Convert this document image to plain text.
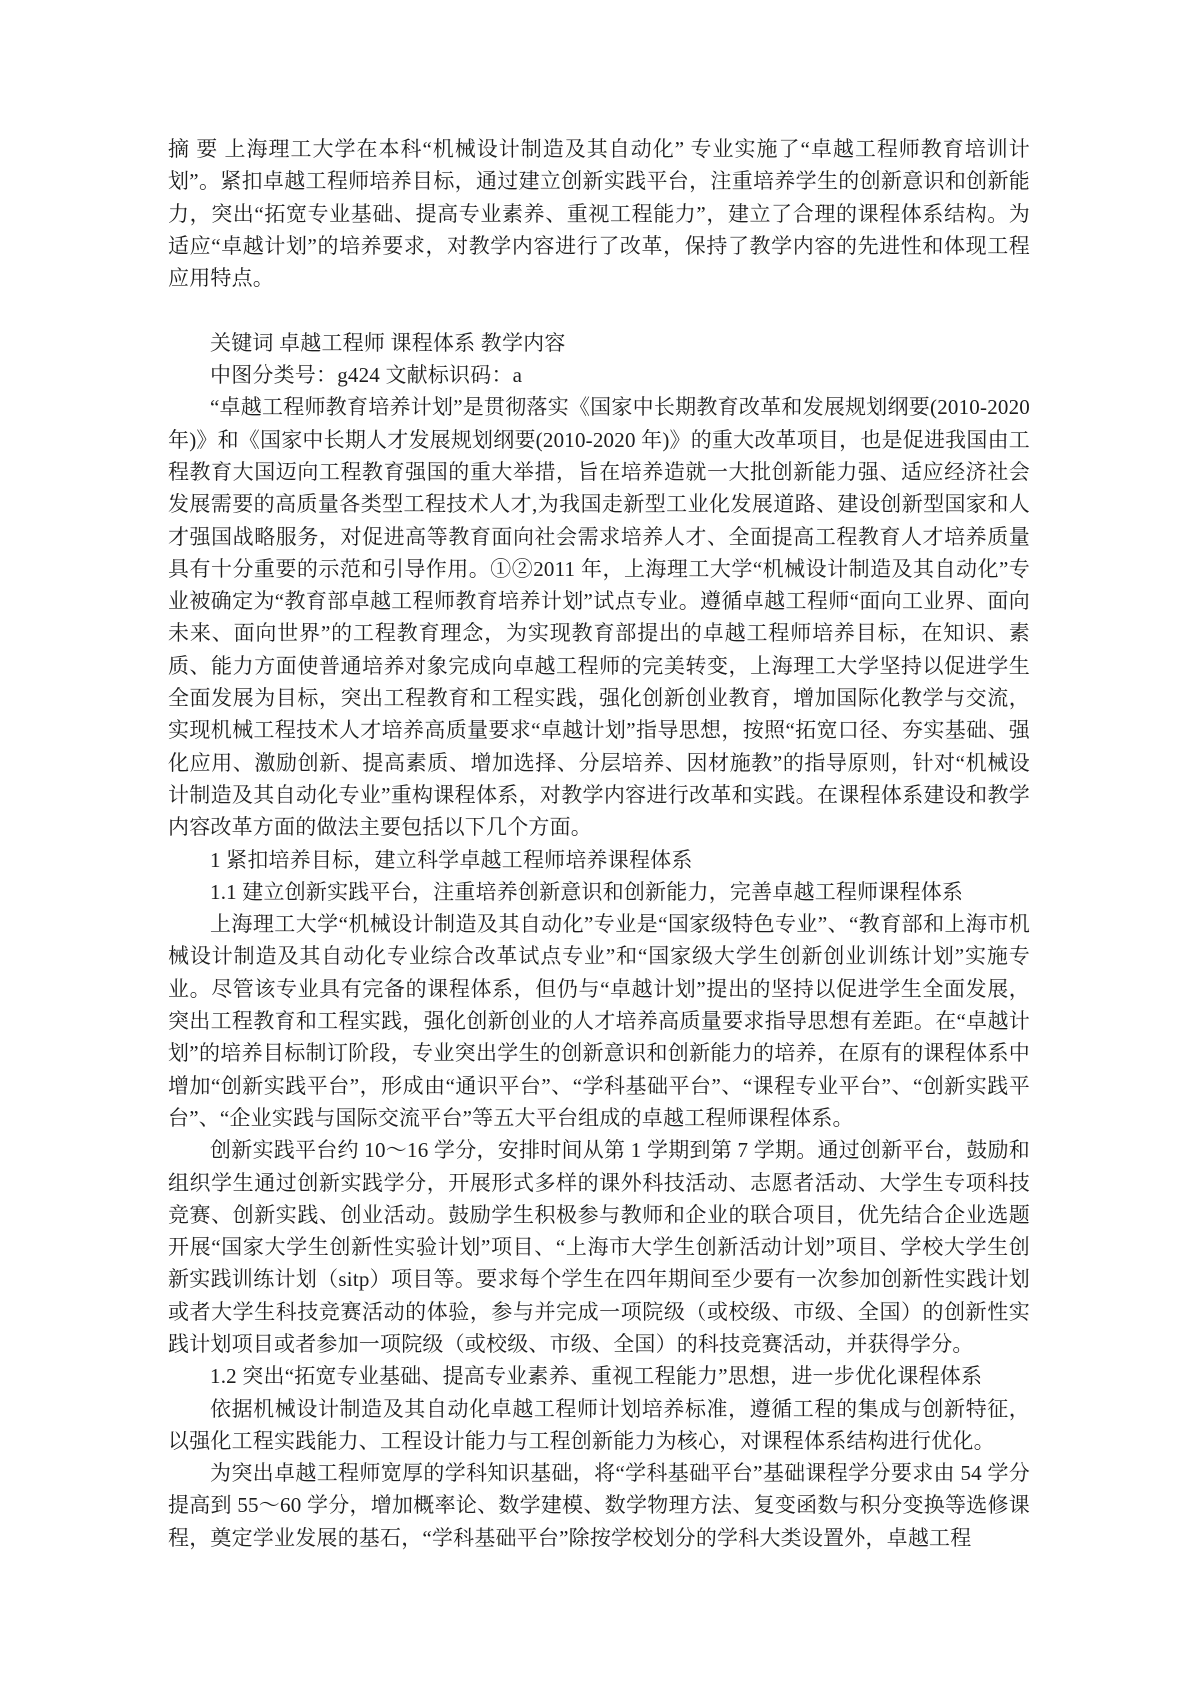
摘 要 上海理工大学在本科“机械设计制造及其自动化” 专业实施了“卓越工程师教育培训计划”。紧扣卓越工程师培养目标，通过建立创新实践平台，注重培养学生的创新意识和创新能力，突出“拓宽专业基础、提高专业素养、重视工程能力”，建立了合理的课程体系结构。为适应“卓越计划”的培养要求，对教学内容进行了改革，保持了教学内容的先进性和体现工程应用特点。

关键词 卓越工程师 课程体系 教学内容

中图分类号：g424 文献标识码：a

“卓越工程师教育培养计划”是贯彻落实《国家中长期教育改革和发展规划纲要(2010-2020 年)》和《国家中长期人才发展规划纲要(2010-2020 年)》的重大改革项目，也是促进我国由工程教育大国迈向工程教育强国的重大举措，旨在培养造就一大批创新能力强、适应经济社会发展需要的高质量各类型工程技术人才,为我国走新型工业化发展道路、建设创新型国家和人才强国战略服务，对促进高等教育面向社会需求培养人才、全面提高工程教育人才培养质量具有十分重要的示范和引导作用。①②2011 年，上海理工大学“机械设计制造及其自动化”专业被确定为“教育部卓越工程师教育培养计划”试点专业。遵循卓越工程师“面向工业界、面向未来、面向世界”的工程教育理念，为实现教育部提出的卓越工程师培养目标，在知识、素质、能力方面使普通培养对象完成向卓越工程师的完美转变，上海理工大学坚持以促进学生全面发展为目标，突出工程教育和工程实践，强化创新创业教育，增加国际化教学与交流，实现机械工程技术人才培养高质量要求“卓越计划”指导思想，按照“拓宽口径、夯实基础、强化应用、激励创新、提高素质、增加选择、分层培养、因材施教”的指导原则，针对“机械设计制造及其自动化专业”重构课程体系，对教学内容进行改革和实践。在课程体系建设和教学内容改革方面的做法主要包括以下几个方面。

1 紧扣培养目标，建立科学卓越工程师培养课程体系

1.1 建立创新实践平台，注重培养创新意识和创新能力，完善卓越工程师课程体系

上海理工大学“机械设计制造及其自动化”专业是“国家级特色专业”、“教育部和上海市机械设计制造及其自动化专业综合改革试点专业”和“国家级大学生创新创业训练计划”实施专业。尽管该专业具有完备的课程体系，但仍与“卓越计划”提出的坚持以促进学生全面发展，突出工程教育和工程实践，强化创新创业的人才培养高质量要求指导思想有差距。在“卓越计划”的培养目标制订阶段，专业突出学生的创新意识和创新能力的培养，在原有的课程体系中增加“创新实践平台”，形成由“通识平台”、“学科基础平台”、“课程专业平台”、“创新实践平台”、“企业实践与国际交流平台”等五大平台组成的卓越工程师课程体系。

创新实践平台约 10～16 学分，安排时间从第 1 学期到第 7 学期。通过创新平台，鼓励和组织学生通过创新实践学分，开展形式多样的课外科技活动、志愿者活动、大学生专项科技竞赛、创新实践、创业活动。鼓励学生积极参与教师和企业的联合项目，优先结合企业选题开展“国家大学生创新性实验计划”项目、“上海市大学生创新活动计划”项目、学校大学生创新实践训练计划（sitp）项目等。要求每个学生在四年期间至少要有一次参加创新性实践计划或者大学生科技竞赛活动的体验，参与并完成一项院级（或校级、市级、全国）的创新性实践计划项目或者参加一项院级（或校级、市级、全国）的科技竞赛活动，并获得学分。

1.2 突出“拓宽专业基础、提高专业素养、重视工程能力”思想，进一步优化课程体系

依据机械设计制造及其自动化卓越工程师计划培养标准，遵循工程的集成与创新特征，以强化工程实践能力、工程设计能力与工程创新能力为核心，对课程体系结构进行优化。

为突出卓越工程师宽厚的学科知识基础，将“学科基础平台”基础课程学分要求由 54 学分提高到 55～60 学分，增加概率论、数学建模、数学物理方法、复变函数与积分变换等选修课程，奠定学业发展的基石，“学科基础平台”除按学校划分的学科大类设置外，卓越工程
